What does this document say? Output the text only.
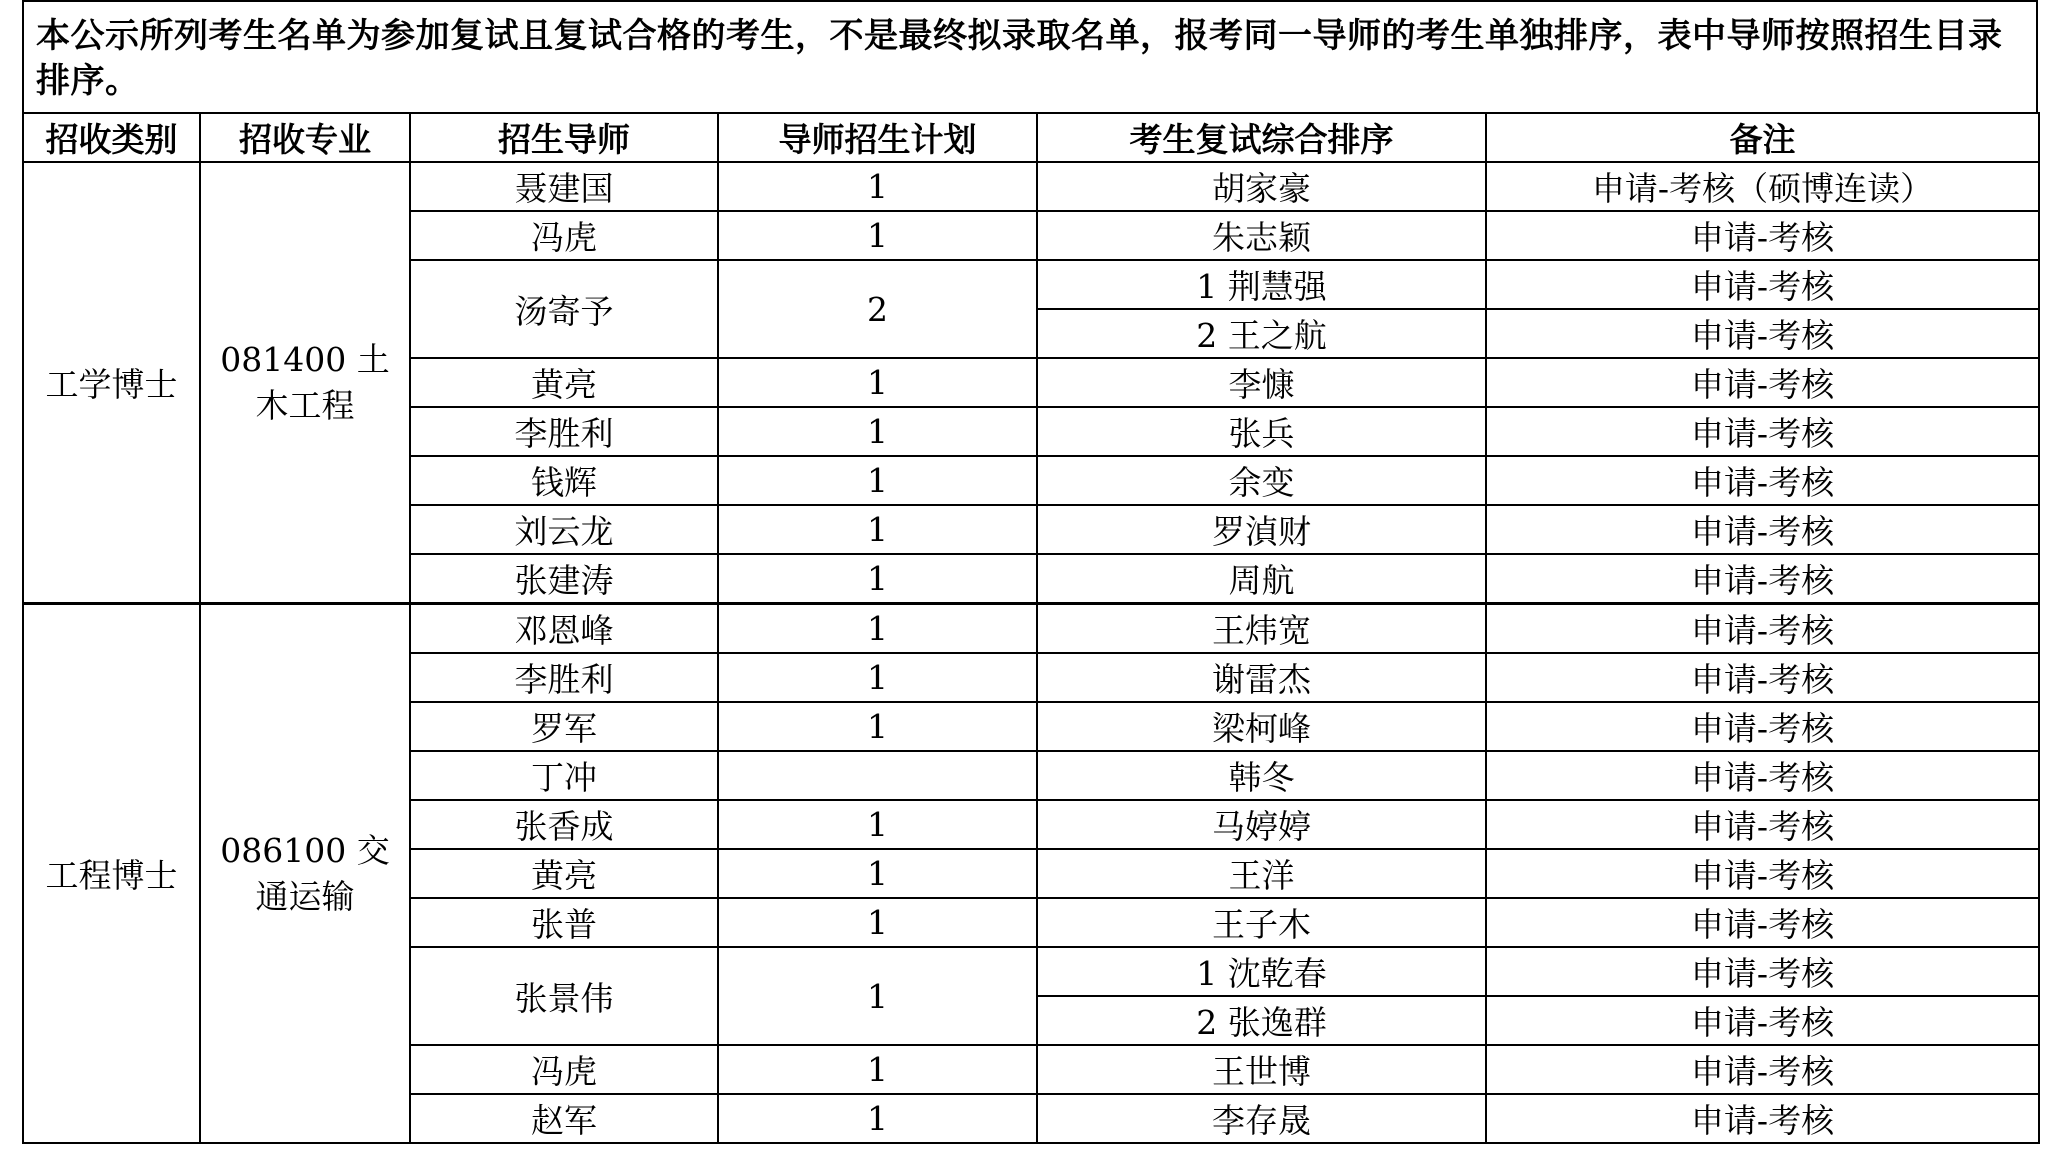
本公示所列考生名单为参加复试且复试合格的考生，不是最终拟录取名单，报考同一导师的考生单独排序，表中导师按照招生目录排序。
招收类别	招收专业	招生导师	导师招生计划	考生复试综合排序	备注
工学博士	081400 土木工程	聂建国	1	胡家豪	申请-考核（硕博连读）
		冯虎	1	朱志颖	申请-考核
		汤寄予	2	1 荆慧强	申请-考核
				2 王之航	申请-考核
		黄亮	1	李慷	申请-考核
		李胜利	1	张兵	申请-考核
		钱辉	1	余变	申请-考核
		刘云龙	1	罗湞财	申请-考核
		张建涛	1	周航	申请-考核
工程博士	086100 交通运输	邓恩峰	1	王炜宽	申请-考核
		李胜利	1	谢雷杰	申请-考核
		罗军	1	梁柯峰	申请-考核
		丁冲		韩冬	申请-考核
		张香成	1	马婷婷	申请-考核
		黄亮	1	王洋	申请-考核
		张普	1	王子木	申请-考核
		张景伟	1	1 沈乾春	申请-考核
				2 张逸群	申请-考核
		冯虎	1	王世博	申请-考核
		赵军	1	李存晟	申请-考核
